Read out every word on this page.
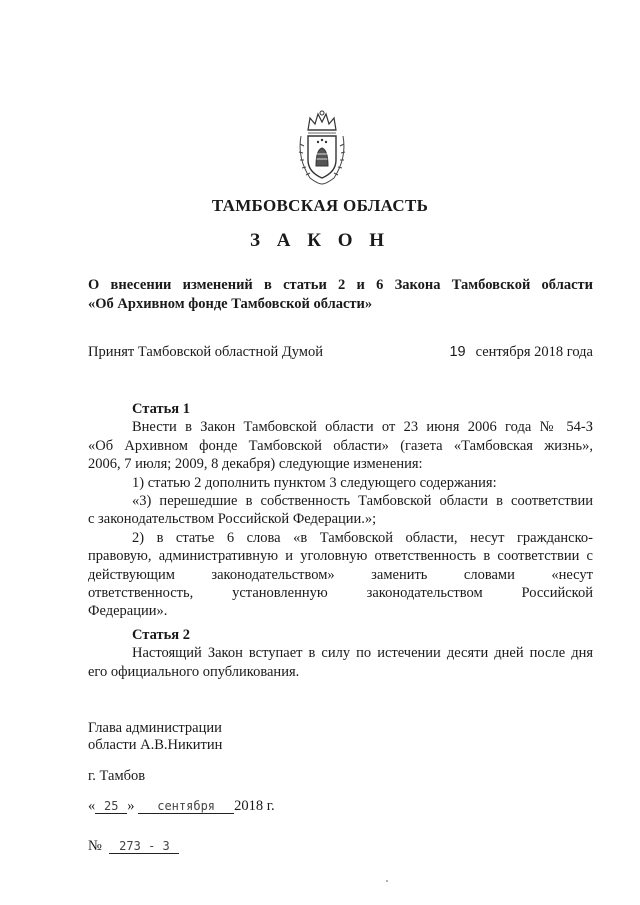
ТАМБОВСКАЯ ОБЛАСТЬ
З А К О Н
О внесении изменений в статьи 2 и 6 Закона Тамбовской области
«Об Архивном фонде Тамбовской области»
Принят Тамбовской областной Думой	19 сентября 2018 года
Статья 1
Внести в Закон Тамбовской области от 23 июня 2006 года № 54-З
«Об Архивном фонде Тамбовской области» (газета «Тамбовская жизнь»,
2006, 7 июля; 2009, 8 декабря) следующие изменения:
1) статью 2 дополнить пунктом 3 следующего содержания:
«3) перешедшие в собственность Тамбовской области в соответствии
с законодательством Российской Федерации.»;
2) в статье 6 слова «в Тамбовской области, несут гражданско-
правовую, административную и уголовную ответственность в соответствии с
действующим законодательством» заменить словами «несут
ответственность, установленную законодательством Российской
Федерации».
Статья 2
Настоящий Закон вступает в силу по истечении десяти дней после дня
его официального опубликования.
Глава администрации
области А.В.Никитин
г. Тамбов
« 25 » сентября 2018 г.
№ 273 - З
